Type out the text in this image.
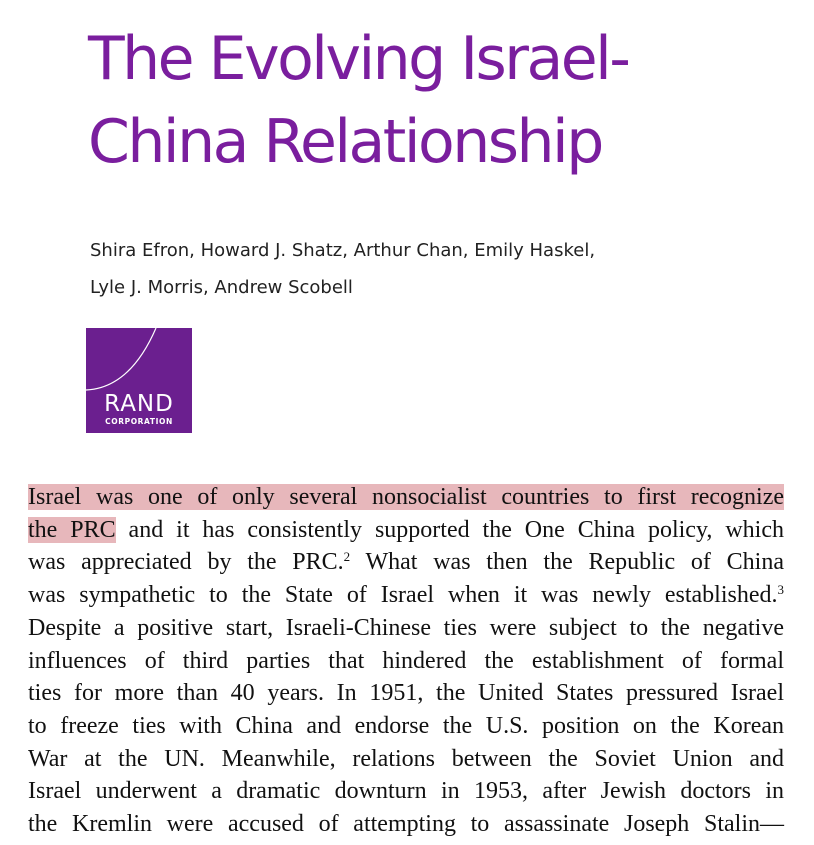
The Evolving Israel-
China Relationship
Shira Efron, Howard J. Shatz, Arthur Chan, Emily Haskel,
Lyle J. Morris, Andrew Scobell
RAND
CORPORATION
Israel was one of only several nonsocialist countries to first recognize
the PRC and it has consistently supported the One China policy, which
was appreciated by the PRC.$^2$ What was then the Republic of China
was sympathetic to the State of Israel when it was newly established.$^3$
Despite a positive start, Israeli-Chinese ties were subject to the negative
influences of third parties that hindered the establishment of formal
ties for more than 40 years. In 1951, the United States pressured Israel
to freeze ties with China and endorse the U.S. position on the Korean
War at the UN. Meanwhile, relations between the Soviet Union and
Israel underwent a dramatic downturn in 1953, after Jewish doctors in
the Kremlin were accused of attempting to assassinate Joseph Stalin—
